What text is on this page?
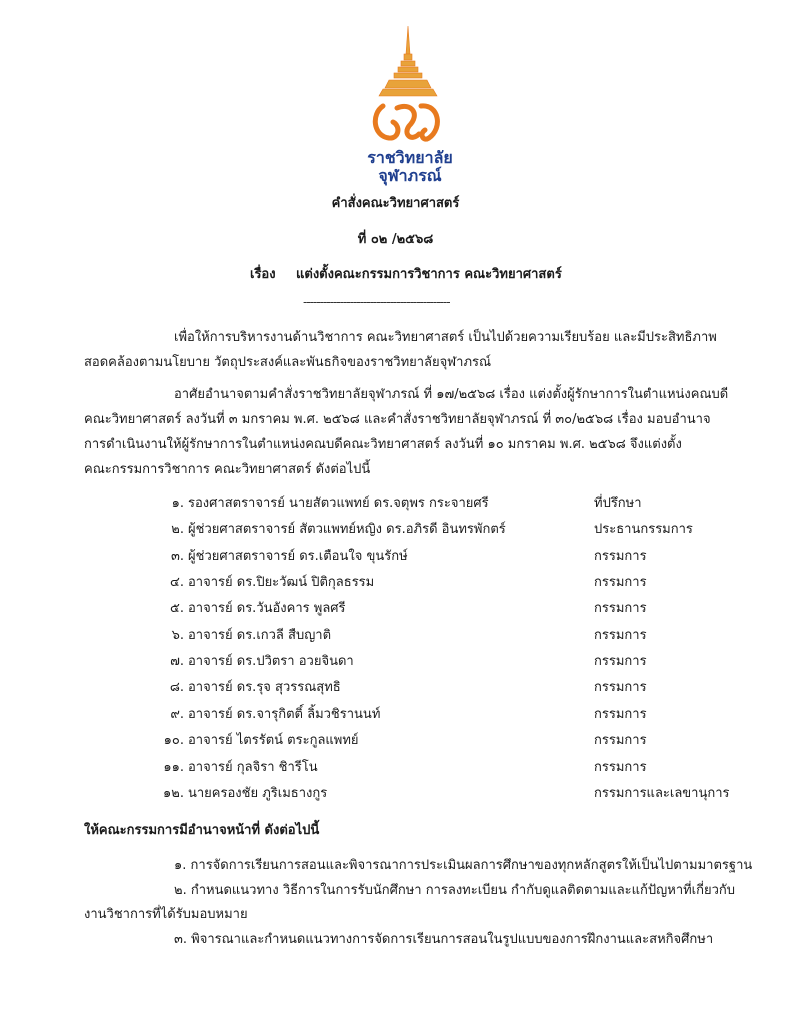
ราชวิทยาลัย
จุฬาภรณ์
คำสั่งคณะวิทยาศาสตร์
ที่ ๐๒ /๒๕๖๘
เรื่อง แต่งตั้งคณะกรรมการวิชาการ คณะวิทยาศาสตร์
--------------------------------------------
เพื่อให้การบริหารงานด้านวิชาการ คณะวิทยาศาสตร์ เป็นไปด้วยความเรียบร้อย และมีประสิทธิภาพ
สอดคล้องตามนโยบาย วัตถุประสงค์และพันธกิจของราชวิทยาลัยจุฬาภรณ์
อาศัยอำนาจตามคำสั่งราชวิทยาลัยจุฬาภรณ์ ที่ ๑๗/๒๕๖๘ เรื่อง แต่งตั้งผู้รักษาการในตำแหน่งคณบดี
คณะวิทยาศาสตร์ ลงวันที่ ๓ มกราคม พ.ศ. ๒๕๖๘ และคำสั่งราชวิทยาลัยจุฬาภรณ์ ที่ ๓๐/๒๕๖๘ เรื่อง มอบอำนาจ
การดำเนินงานให้ผู้รักษาการในตำแหน่งคณบดีคณะวิทยาศาสตร์ ลงวันที่ ๑๐ มกราคม พ.ศ. ๒๕๖๘ จึงแต่งตั้ง
คณะกรรมการวิชาการ คณะวิทยาศาสตร์ ดังต่อไปนี้
๑. รองศาสตราจารย์ นายสัตวแพทย์ ดร.จตุพร กระจายศรี	ที่ปรึกษา
๒. ผู้ช่วยศาสตราจารย์ สัตวแพทย์หญิง ดร.อภิรดี อินทรพักตร์	ประธานกรรมการ
๓. ผู้ช่วยศาสตราจารย์ ดร.เตือนใจ ขุนรักษ์	กรรมการ
๔. อาจารย์ ดร.ปิยะวัฒน์ ปิติกุลธรรม	กรรมการ
๕. อาจารย์ ดร.วันอังคาร พูลศรี	กรรมการ
๖. อาจารย์ ดร.เกวลี สืบญาติ	กรรมการ
๗. อาจารย์ ดร.ปวิตรา อวยจินดา	กรรมการ
๘. อาจารย์ ดร.รุจ สุวรรณสุทธิ	กรรมการ
๙. อาจารย์ ดร.จารุกิตติ์ ลิ้มวชิรานนท์	กรรมการ
๑๐. อาจารย์ ไตรรัตน์ ตระกูลแพทย์	กรรมการ
๑๑. อาจารย์ กุลจิรา ชิารีโน	กรรมการ
๑๒. นายครองชัย ภูริเมธางกูร	กรรมการและเลขานุการ
ให้คณะกรรมการมีอำนาจหน้าที่ ดังต่อไปนี้
๑. การจัดการเรียนการสอนและพิจารณาการประเมินผลการศึกษาของทุกหลักสูตรให้เป็นไปตามมาตรฐาน
๒. กำหนดแนวทาง วิธีการในการรับนักศึกษา การลงทะเบียน กำกับดูแลติดตามและแก้ปัญหาที่เกี่ยวกับ
งานวิชาการที่ได้รับมอบหมาย
๓. พิจารณาและกำหนดแนวทางการจัดการเรียนการสอนในรูปแบบของการฝึกงานและสหกิจศึกษา
